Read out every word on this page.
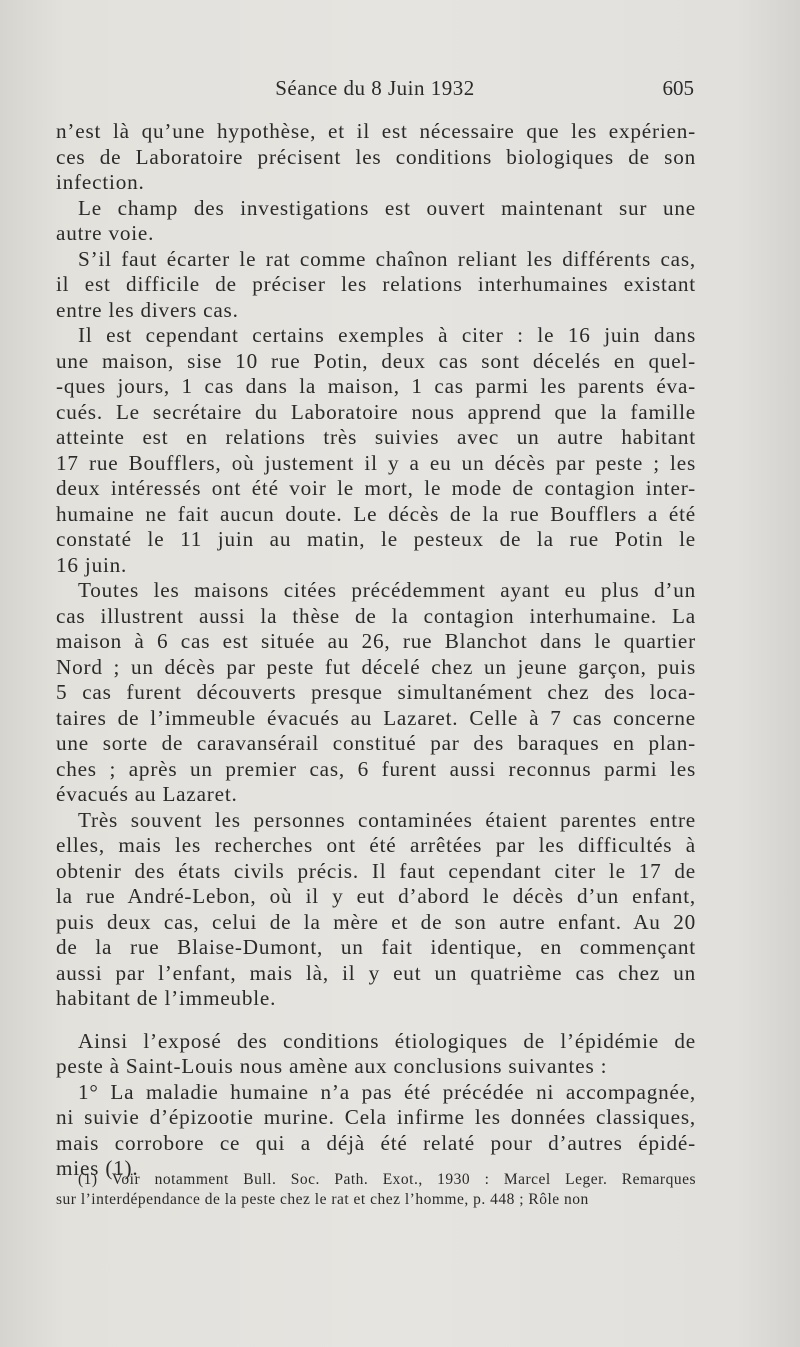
Séance du 8 Juin 1932	605
n’est là qu’une hypothèse, et il est nécessaire que les expérien-
ces de Laboratoire précisent les conditions biologiques de son
infection.
Le champ des investigations est ouvert maintenant sur une
autre voie.
S’il faut écarter le rat comme chaînon reliant les différents cas,
il est difficile de préciser les relations interhumaines existant
entre les divers cas.
Il est cependant certains exemples à citer : le 16 juin dans
une maison, sise 10 rue Potin, deux cas sont décelés en quel-
-ques jours, 1 cas dans la maison, 1 cas parmi les parents éva-
cués. Le secrétaire du Laboratoire nous apprend que la famille
atteinte est en relations très suivies avec un autre habitant
17 rue Boufflers, où justement il y a eu un décès par peste ; les
deux intéressés ont été voir le mort, le mode de contagion inter-
humaine ne fait aucun doute. Le décès de la rue Boufflers a été
constaté le 11 juin au matin, le pesteux de la rue Potin le
16 juin.
Toutes les maisons citées précédemment ayant eu plus d’un
cas illustrent aussi la thèse de la contagion interhumaine. La
maison à 6 cas est située au 26, rue Blanchot dans le quartier
Nord ; un décès par peste fut décelé chez un jeune garçon, puis
5 cas furent découverts presque simultanément chez des loca-
taires de l’immeuble évacués au Lazaret. Celle à 7 cas concerne
une sorte de caravansérail constitué par des baraques en plan-
ches ; après un premier cas, 6 furent aussi reconnus parmi les
évacués au Lazaret.
Très souvent les personnes contaminées étaient parentes entre
elles, mais les recherches ont été arrêtées par les difficultés à
obtenir des états civils précis. Il faut cependant citer le 17 de
la rue André-Lebon, où il y eut d’abord le décès d’un enfant,
puis deux cas, celui de la mère et de son autre enfant. Au 20
de la rue Blaise-Dumont, un fait identique, en commençant
aussi par l’enfant, mais là, il y eut un quatrième cas chez un
habitant de l’immeuble.
Ainsi l’exposé des conditions étiologiques de l’épidémie de
peste à Saint-Louis nous amène aux conclusions suivantes :
1° La maladie humaine n’a pas été précédée ni accompagnée,
ni suivie d’épizootie murine. Cela infirme les données classiques,
mais corrobore ce qui a déjà été relaté pour d’autres épidé-
mies (1).
(1) Voir notamment Bull. Soc. Path. Exot., 1930 : Marcel Leger. Remarques
sur l’interdépendance de la peste chez le rat et chez l’homme, p. 448 ; Rôle non
